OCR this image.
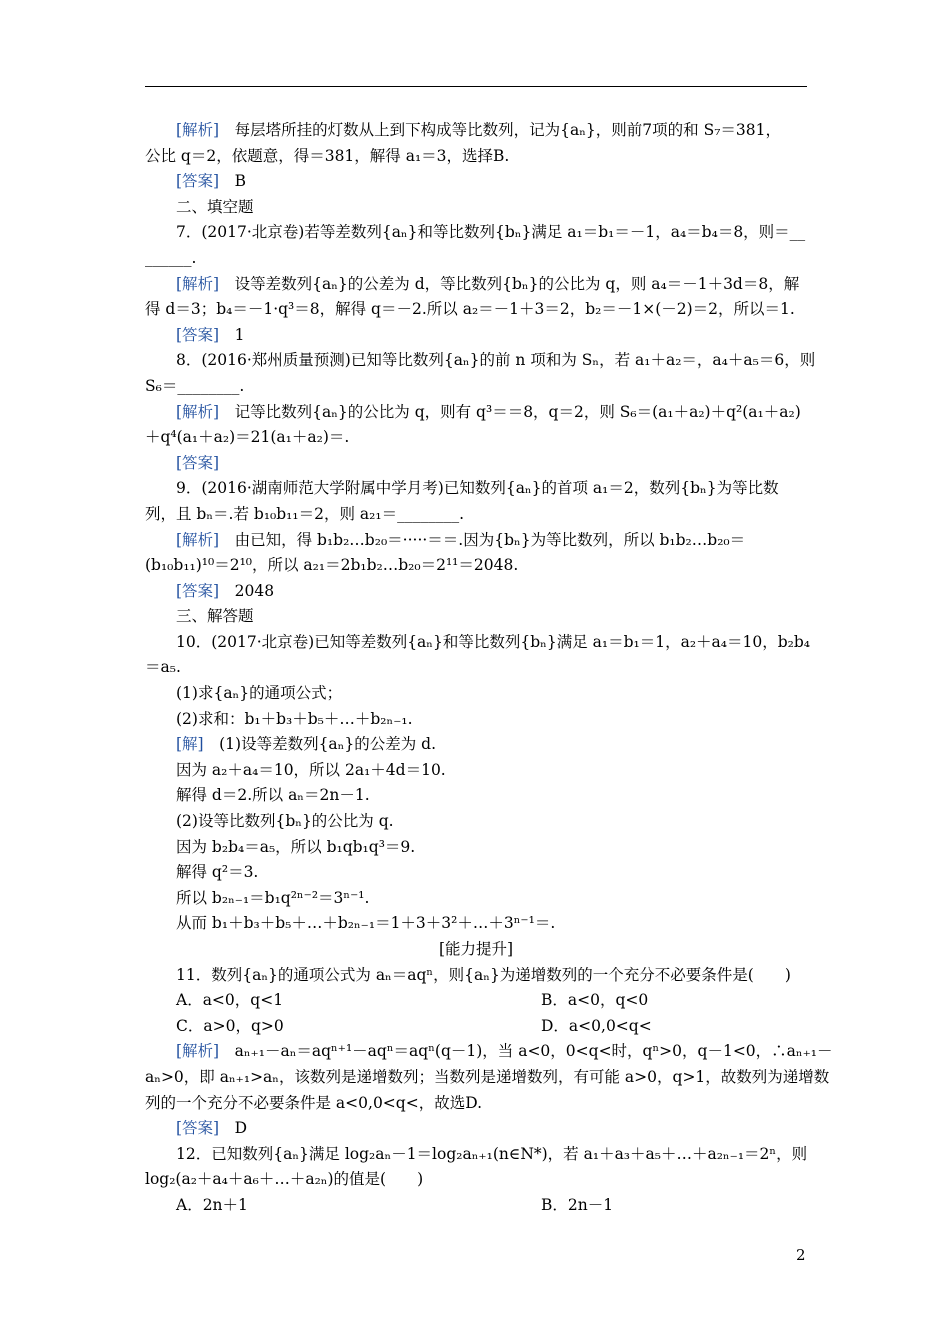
[解析]　每层塔所挂的灯数从上到下构成等比数列，记为{aₙ}，则前7项的和 S₇＝381，
公比 q＝2，依题意，得＝381，解得 a₁＝3，选择B.
[答案]　B
二、填空题
7．(2017·北京卷)若等差数列{aₙ}和等比数列{bₙ}满足 a₁＝b₁＝－1，a₄＝b₄＝8，则＝__
______.
[解析]　设等差数列{aₙ}的公差为 d，等比数列{bₙ}的公比为 q，则 a₄＝－1＋3d＝8，解
得 d＝3；b₄＝－1·q³＝8，解得 q＝－2.所以 a₂＝－1＋3＝2，b₂＝－1×(－2)＝2，所以＝1.
[答案]　1
8．(2016·郑州质量预测)已知等比数列{aₙ}的前 n 项和为 Sₙ，若 a₁＋a₂＝，a₄＋a₅＝6，则
S₆＝________.
[解析]　记等比数列{aₙ}的公比为 q，则有 q³＝＝8，q＝2，则 S₆＝(a₁＋a₂)＋q²(a₁＋a₂)
＋q⁴(a₁＋a₂)＝21(a₁＋a₂)＝.
[答案]
9．(2016·湖南师范大学附属中学月考)已知数列{aₙ}的首项 a₁＝2，数列{bₙ}为等比数
列，且 bₙ＝.若 b₁₀b₁₁＝2，则 a₂₁＝________.
[解析]　由已知，得 b₁b₂…b₂₀＝·····＝＝.因为{bₙ}为等比数列，所以 b₁b₂…b₂₀＝
(b₁₀b₁₁)¹⁰＝2¹⁰，所以 a₂₁＝2b₁b₂…b₂₀＝2¹¹＝2048.
[答案]　2048
三、解答题
10．(2017·北京卷)已知等差数列{aₙ}和等比数列{bₙ}满足 a₁＝b₁＝1，a₂＋a₄＝10，b₂b₄
＝a₅.
(1)求{aₙ}的通项公式；
(2)求和：b₁＋b₃＋b₅＋…＋b₂ₙ₋₁.
[解]　(1)设等差数列{aₙ}的公差为 d.
因为 a₂＋a₄＝10，所以 2a₁＋4d＝10.
解得 d＝2.所以 aₙ＝2n－1.
(2)设等比数列{bₙ}的公比为 q.
因为 b₂b₄＝a₅，所以 b₁qb₁q³＝9.
解得 q²＝3.
所以 b₂ₙ₋₁＝b₁q²ⁿ⁻²＝3ⁿ⁻¹.
从而 b₁＋b₃＋b₅＋…＋b₂ₙ₋₁＝1＋3＋3²＋…＋3ⁿ⁻¹＝.
[能力提升]
11．数列{aₙ}的通项公式为 aₙ＝aqⁿ，则{aₙ}为递增数列的一个充分不必要条件是(　　)
A．a<0，q<1	B．a<0，q<0
C．a>0，q>0	D．a<0,0<q<
[解析]　aₙ₊₁－aₙ＝aqⁿ⁺¹－aqⁿ＝aqⁿ(q－1)，当 a<0，0<q<时，qⁿ>0，q－1<0，∴aₙ₊₁－
aₙ>0，即 aₙ₊₁>aₙ，该数列是递增数列；当数列是递增数列，有可能 a>0，q>1，故数列为递增数
列的一个充分不必要条件是 a<0,0<q<，故选D.
[答案]　D
12．已知数列{aₙ}满足 log₂aₙ－1＝log₂aₙ₊₁(n∈N*)，若 a₁＋a₃＋a₅＋…＋a₂ₙ₋₁＝2ⁿ，则
log₂(a₂＋a₄＋a₆＋…＋a₂ₙ)的值是(　　)
A．2n＋1	B．2n－1
2
